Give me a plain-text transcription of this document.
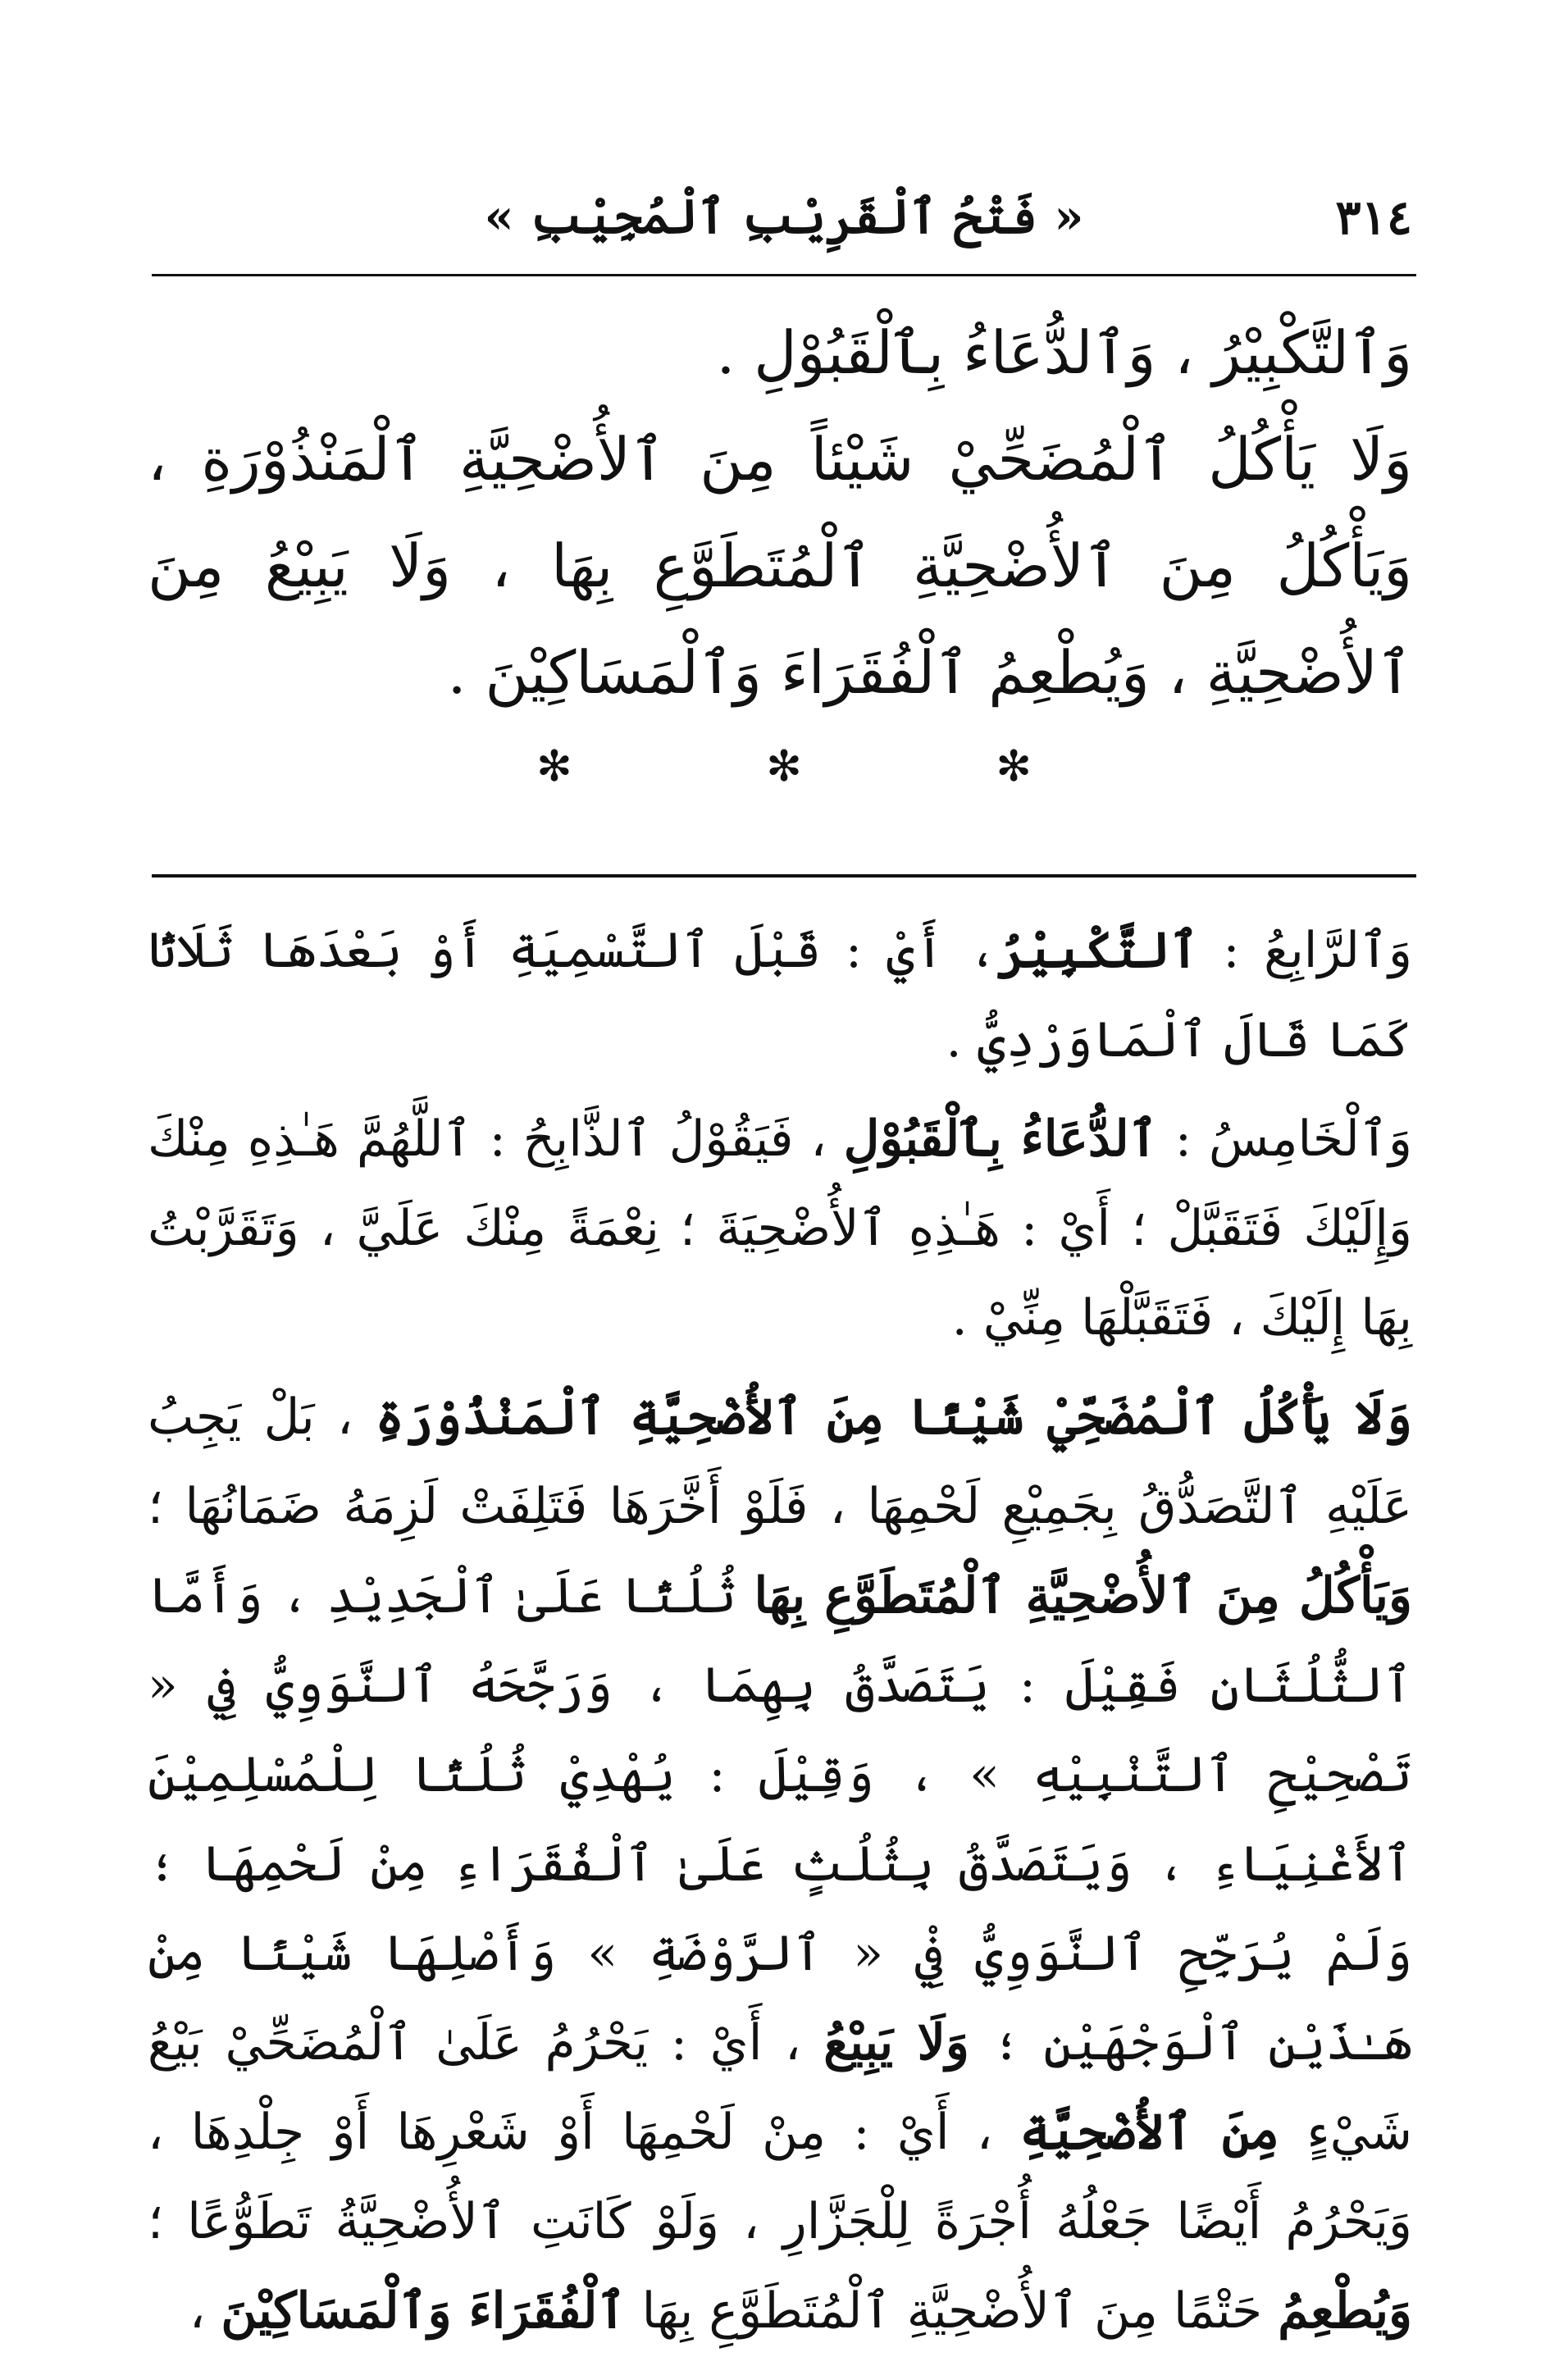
٣١٤
« فَتْحُ ٱلْقَرِيْبِ ٱلْمُجِيْبِ »

وَٱلتَّكْبِيْرُ ، وَٱلدُّعَاءُ بِٱلْقَبُوْلِ .

وَلَا يَأْكُلُ ٱلْمُضَحِّيْ شَيْئاً مِنَ ٱلأُضْحِيَّةِ ٱلْمَنْذُوْرَةِ ، وَيَأْكُلُ مِنَ ٱلأُضْحِيَّةِ ٱلْمُتَطَوَّعِ بِهَا ، وَلَا يَبِيْعُ مِنَ ٱلأُضْحِيَّةِ ، وَيُطْعِمُ ٱلْفُقَرَاءَ وَٱلْمَسَاكِيْنَ .

✻ ✻ ✻

وَٱلرَّابِعُ : ٱلتَّكْبِيْرُ، أَيْ : قَبْلَ ٱلتَّسْمِيَةِ أَوْ بَعْدَهَا ثَلَاثًا كَمَا قَالَ ٱلْمَاوَرْدِيُّ .

وَٱلْخَامِسُ : ٱلدُّعَاءُ بِٱلْقَبُوْلِ ، فَيَقُوْلُ ٱلذَّابِحُ : ٱللَّهُمَّ هَـٰذِهِ مِنْكَ وَإِلَيْكَ فَتَقَبَّلْ ؛ أَيْ : هَـٰذِهِ ٱلأُضْحِيَةَ ؛ نِعْمَةً مِنْكَ عَلَيَّ ، وَتَقَرَّبْتُ بِهَا إِلَيْكَ ، فَتَقَبَّلْهَا مِنِّيْ .

وَلَا يَأْكُلُ ٱلْمُضَحِّيْ شَيْئًا مِنَ ٱلأُضْحِيَّةِ ٱلْمَنْذُوْرَةِ ، بَلْ يَجِبُ عَلَيْهِ ٱلتَّصَدُّقُ بِجَمِيْعِ لَحْمِهَا ، فَلَوْ أَخَّرَهَا فَتَلِفَتْ لَزِمَهُ ضَمَانُهَا ؛ وَيَأْكُلُ مِنَ ٱلأُضْحِيَّةِ ٱلْمُتَطَوَّعِ بِهَا ثُلُثًا عَلَىٰ ٱلْجَدِيْدِ ، وَأَمَّا ٱلثُّلُثَانِ فَقِيْلَ : يَتَصَدَّقُ بِهِمَا ، وَرَجَّحَهُ ٱلنَّوَوِيُّ فِي « تَصْحِيْحِ ٱلتَّنْبِيْهِ » ، وَقِيْلَ : يُهْدِيْ ثُلُثًا لِلْمُسْلِمِيْنَ ٱلأَغْنِيَاءِ ، وَيَتَصَدَّقُ بِثُلُثٍ عَلَىٰ ٱلْفُقَرَاءِ مِنْ لَحْمِهَا ؛ وَلَمْ يُرَجِّحِ ٱلنَّوَوِيُّ فِيْ « ٱلرَّوْضَةِ » وَأَصْلِهَا شَيْئًا مِنْ هَـٰذَيْنِ ٱلْوَجْهَيْنِ ؛ وَلَا يَبِيْعُ ، أَيْ : يَحْرُمُ عَلَىٰ ٱلْمُضَحِّيْ بَيْعُ شَيْءٍ مِنَ ٱلأُضْحِيَّةِ ، أَيْ : مِنْ لَحْمِهَا أَوْ شَعْرِهَا أَوْ جِلْدِهَا ، وَيَحْرُمُ أَيْضًا جَعْلُهُ أُجْرَةً لِلْجَزَّارِ ، وَلَوْ كَانَتِ ٱلأُضْحِيَّةُ تَطَوُّعًا ؛ وَيُطْعِمُ حَتْمًا مِنَ ٱلأُضْحِيَّةِ ٱلْمُتَطَوَّعِ بِهَا ٱلْفُقَرَاءَ وَٱلْمَسَاكِيْنَ ،
